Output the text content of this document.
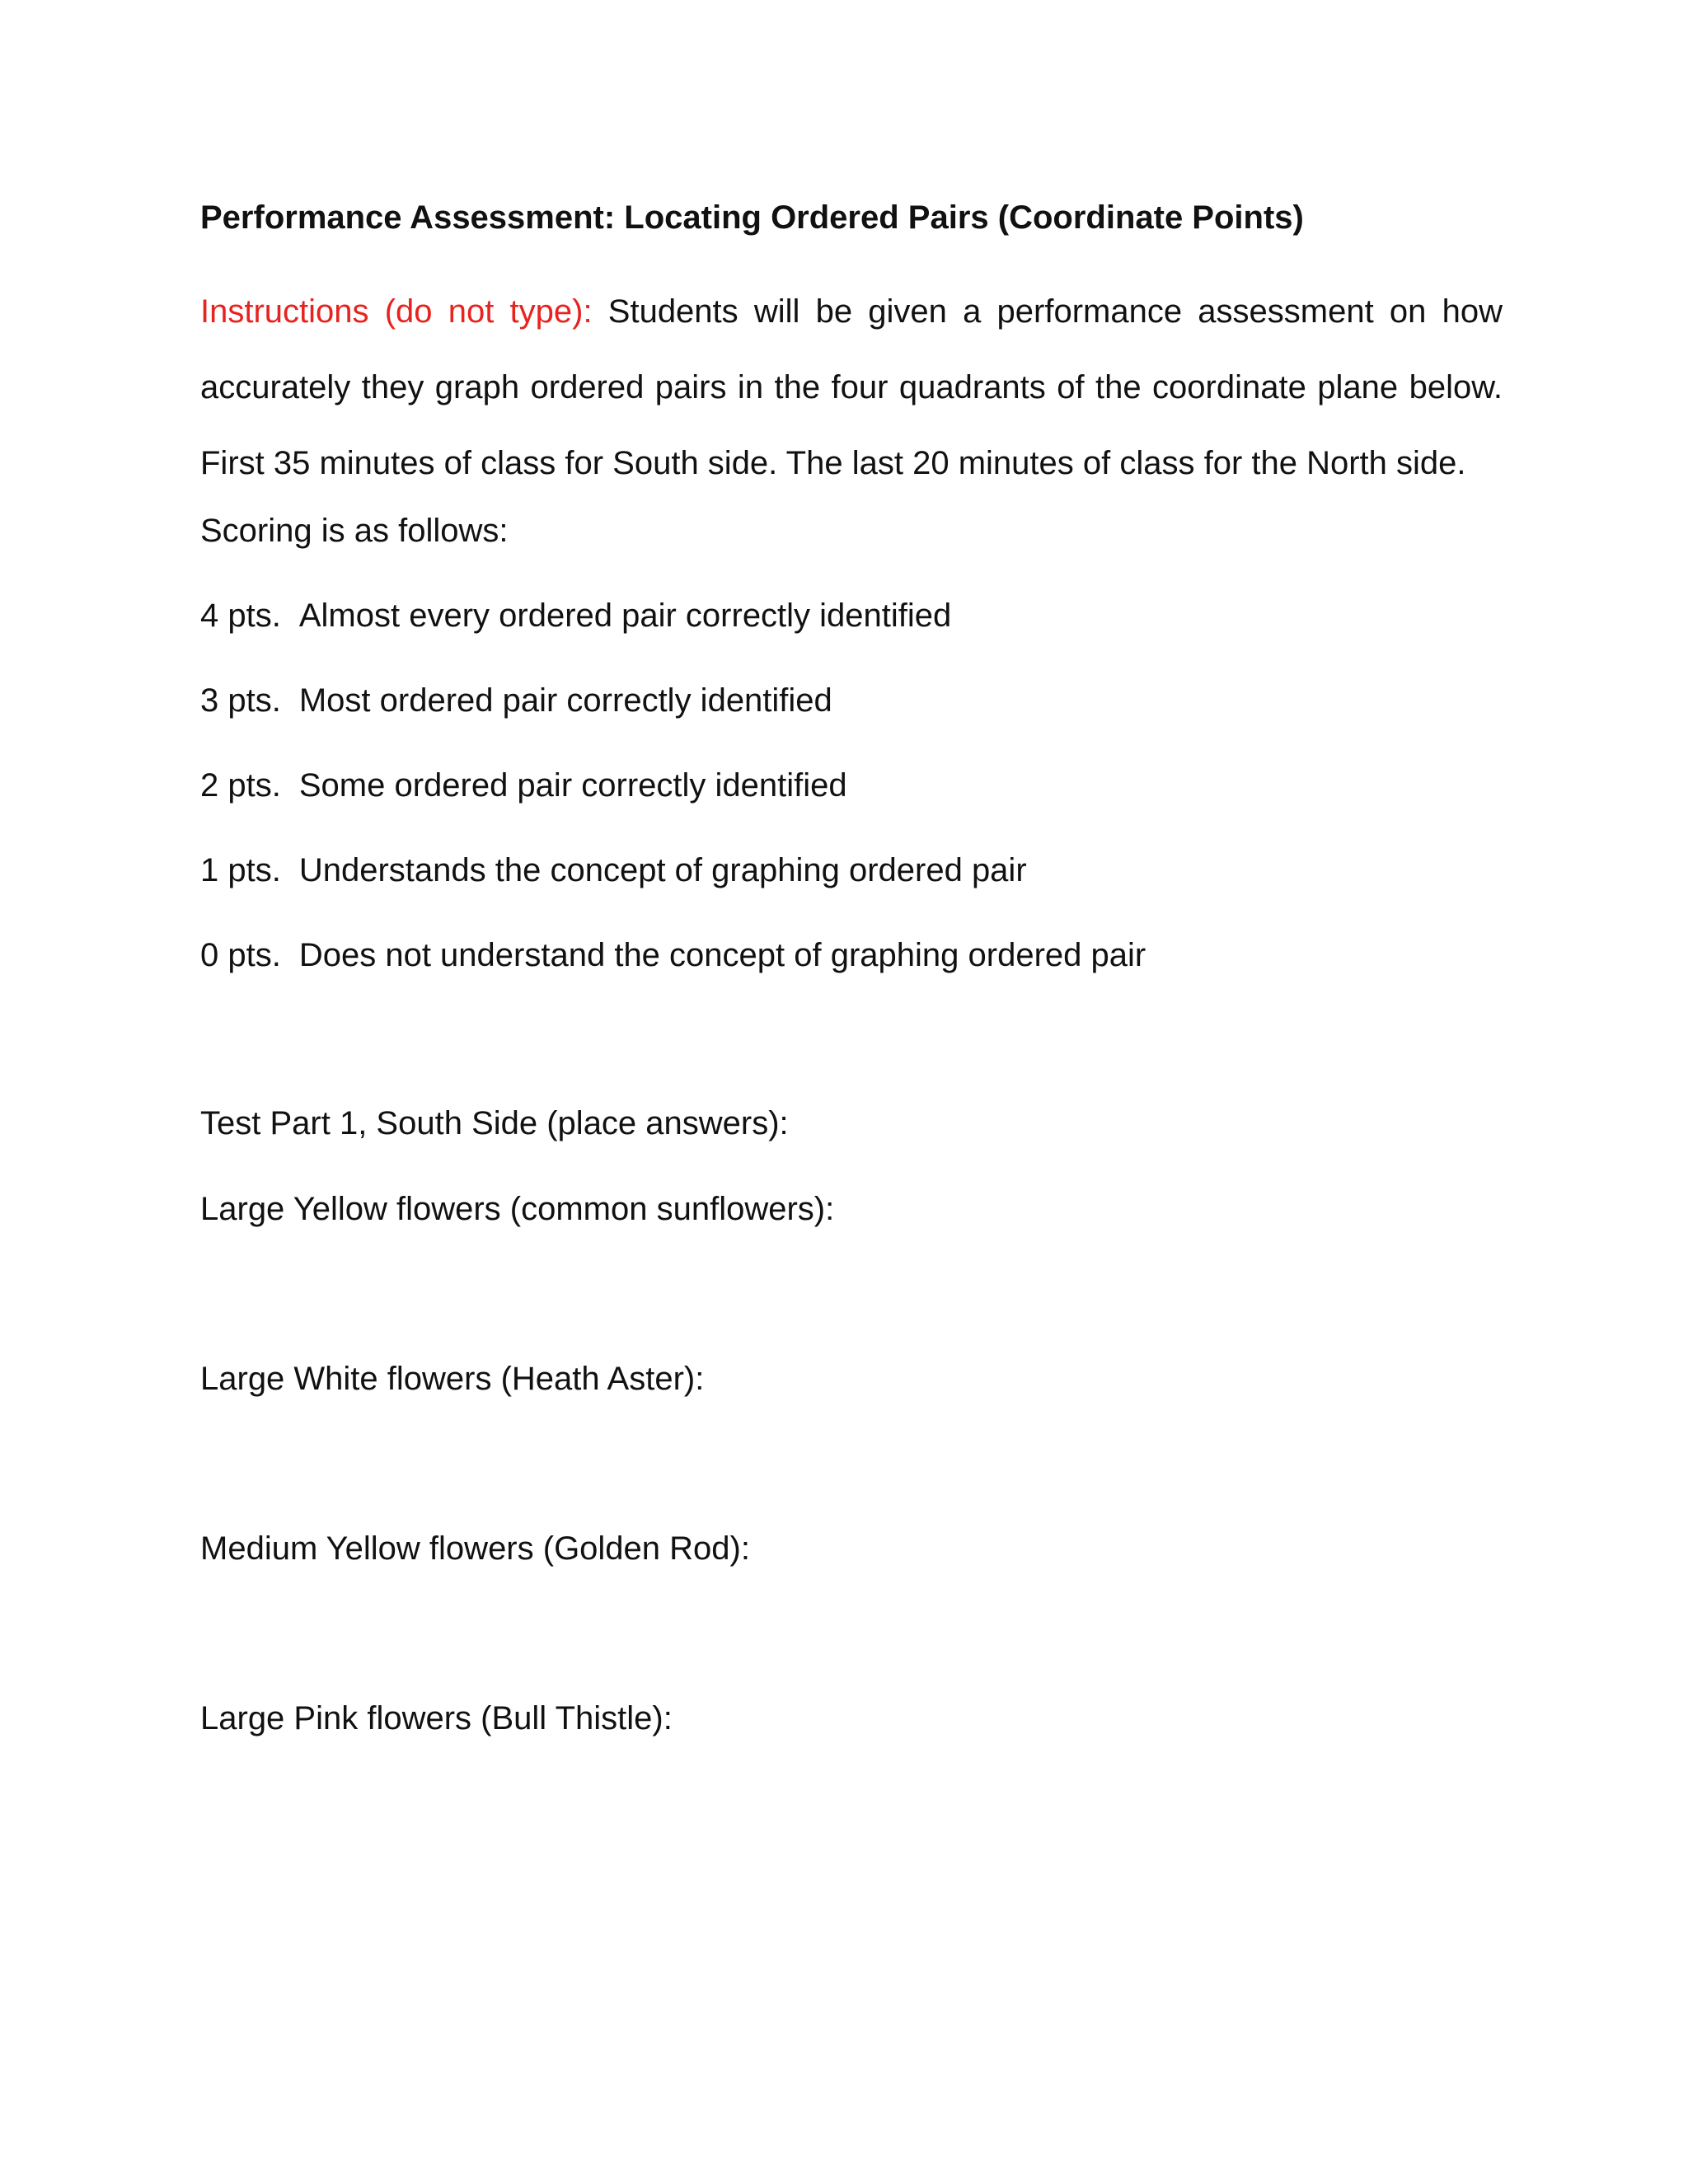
Performance Assessment: Locating Ordered Pairs (Coordinate Points)

Instructions (do not type): Students will be given a performance assessment on how accurately they graph ordered pairs in the four quadrants of the coordinate plane below. First 35 minutes of class for South side. The last 20 minutes of class for the North side.

Scoring is as follows:

4 pts. Almost every ordered pair correctly identified
3 pts. Most ordered pair correctly identified
2 pts. Some ordered pair correctly identified
1 pts. Understands the concept of graphing ordered pair
0 pts. Does not understand the concept of graphing ordered pair

Test Part 1, South Side (place answers):

Large Yellow flowers (common sunflowers):
Large White flowers (Heath Aster):
Medium Yellow flowers (Golden Rod):
Large Pink flowers (Bull Thistle):
